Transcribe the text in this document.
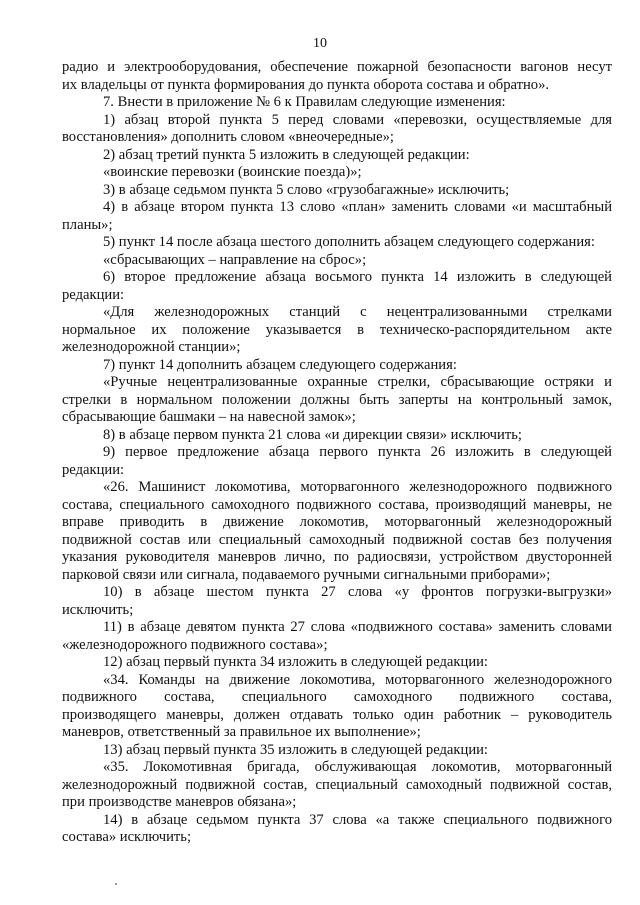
10
радио и электрооборудования, обеспечение пожарной безопасности вагонов несут
их владельцы от пункта формирования до пункта оборота состава и обратно».
7. Внести в приложение № 6 к Правилам следующие изменения:
1) абзац второй пункта 5 перед словами «перевозки, осуществляемые для
восстановления» дополнить словом «внеочередные»;
2) абзац третий пункта 5 изложить в следующей редакции:
«воинские перевозки (воинские поезда)»;
3) в абзаце седьмом пункта 5 слово «грузобагажные» исключить;
4) в абзаце втором пункта 13 слово «план» заменить словами «и масштабный
планы»;
5) пункт 14 после абзаца шестого дополнить абзацем следующего содержания:
«сбрасывающих – направление на сброс»;
6) второе предложение абзаца восьмого пункта 14 изложить в следующей
редакции:
«Для железнодорожных станций с нецентрализованными стрелками
нормальное их положение указывается в техническо-распорядительном акте
железнодорожной станции»;
7) пункт 14 дополнить абзацем следующего содержания:
«Ручные нецентрализованные охранные стрелки, сбрасывающие остряки и
стрелки в нормальном положении должны быть заперты на контрольный замок,
сбрасывающие башмаки – на навесной замок»;
8) в абзаце первом пункта 21 слова «и дирекции связи» исключить;
9) первое предложение абзаца первого пункта 26 изложить в следующей
редакции:
«26. Машинист локомотива, моторвагонного железнодорожного подвижного
состава, специального самоходного подвижного состава, производящий маневры, не
вправе приводить в движение локомотив, моторвагонный железнодорожный
подвижной состав или специальный самоходный подвижной состав без получения
указания руководителя маневров лично, по радиосвязи, устройством двусторонней
парковой связи или сигнала, подаваемого ручными сигнальными приборами»;
10) в абзаце шестом пункта 27 слова «у фронтов погрузки-выгрузки»
исключить;
11) в абзаце девятом пункта 27 слова «подвижного состава» заменить словами
«железнодорожного подвижного состава»;
12) абзац первый пункта 34 изложить в следующей редакции:
«34. Команды на движение локомотива, моторвагонного железнодорожного
подвижного состава, специального самоходного подвижного состава,
производящего маневры, должен отдавать только один работник – руководитель
маневров, ответственный за правильное их выполнение»;
13) абзац первый пункта 35 изложить в следующей редакции:
«35. Локомотивная бригада, обслуживающая локомотив, моторвагонный
железнодорожный подвижной состав, специальный самоходный подвижной состав,
при производстве маневров обязана»;
14) в абзаце седьмом пункта 37 слова «а также специального подвижного
состава» исключить;
